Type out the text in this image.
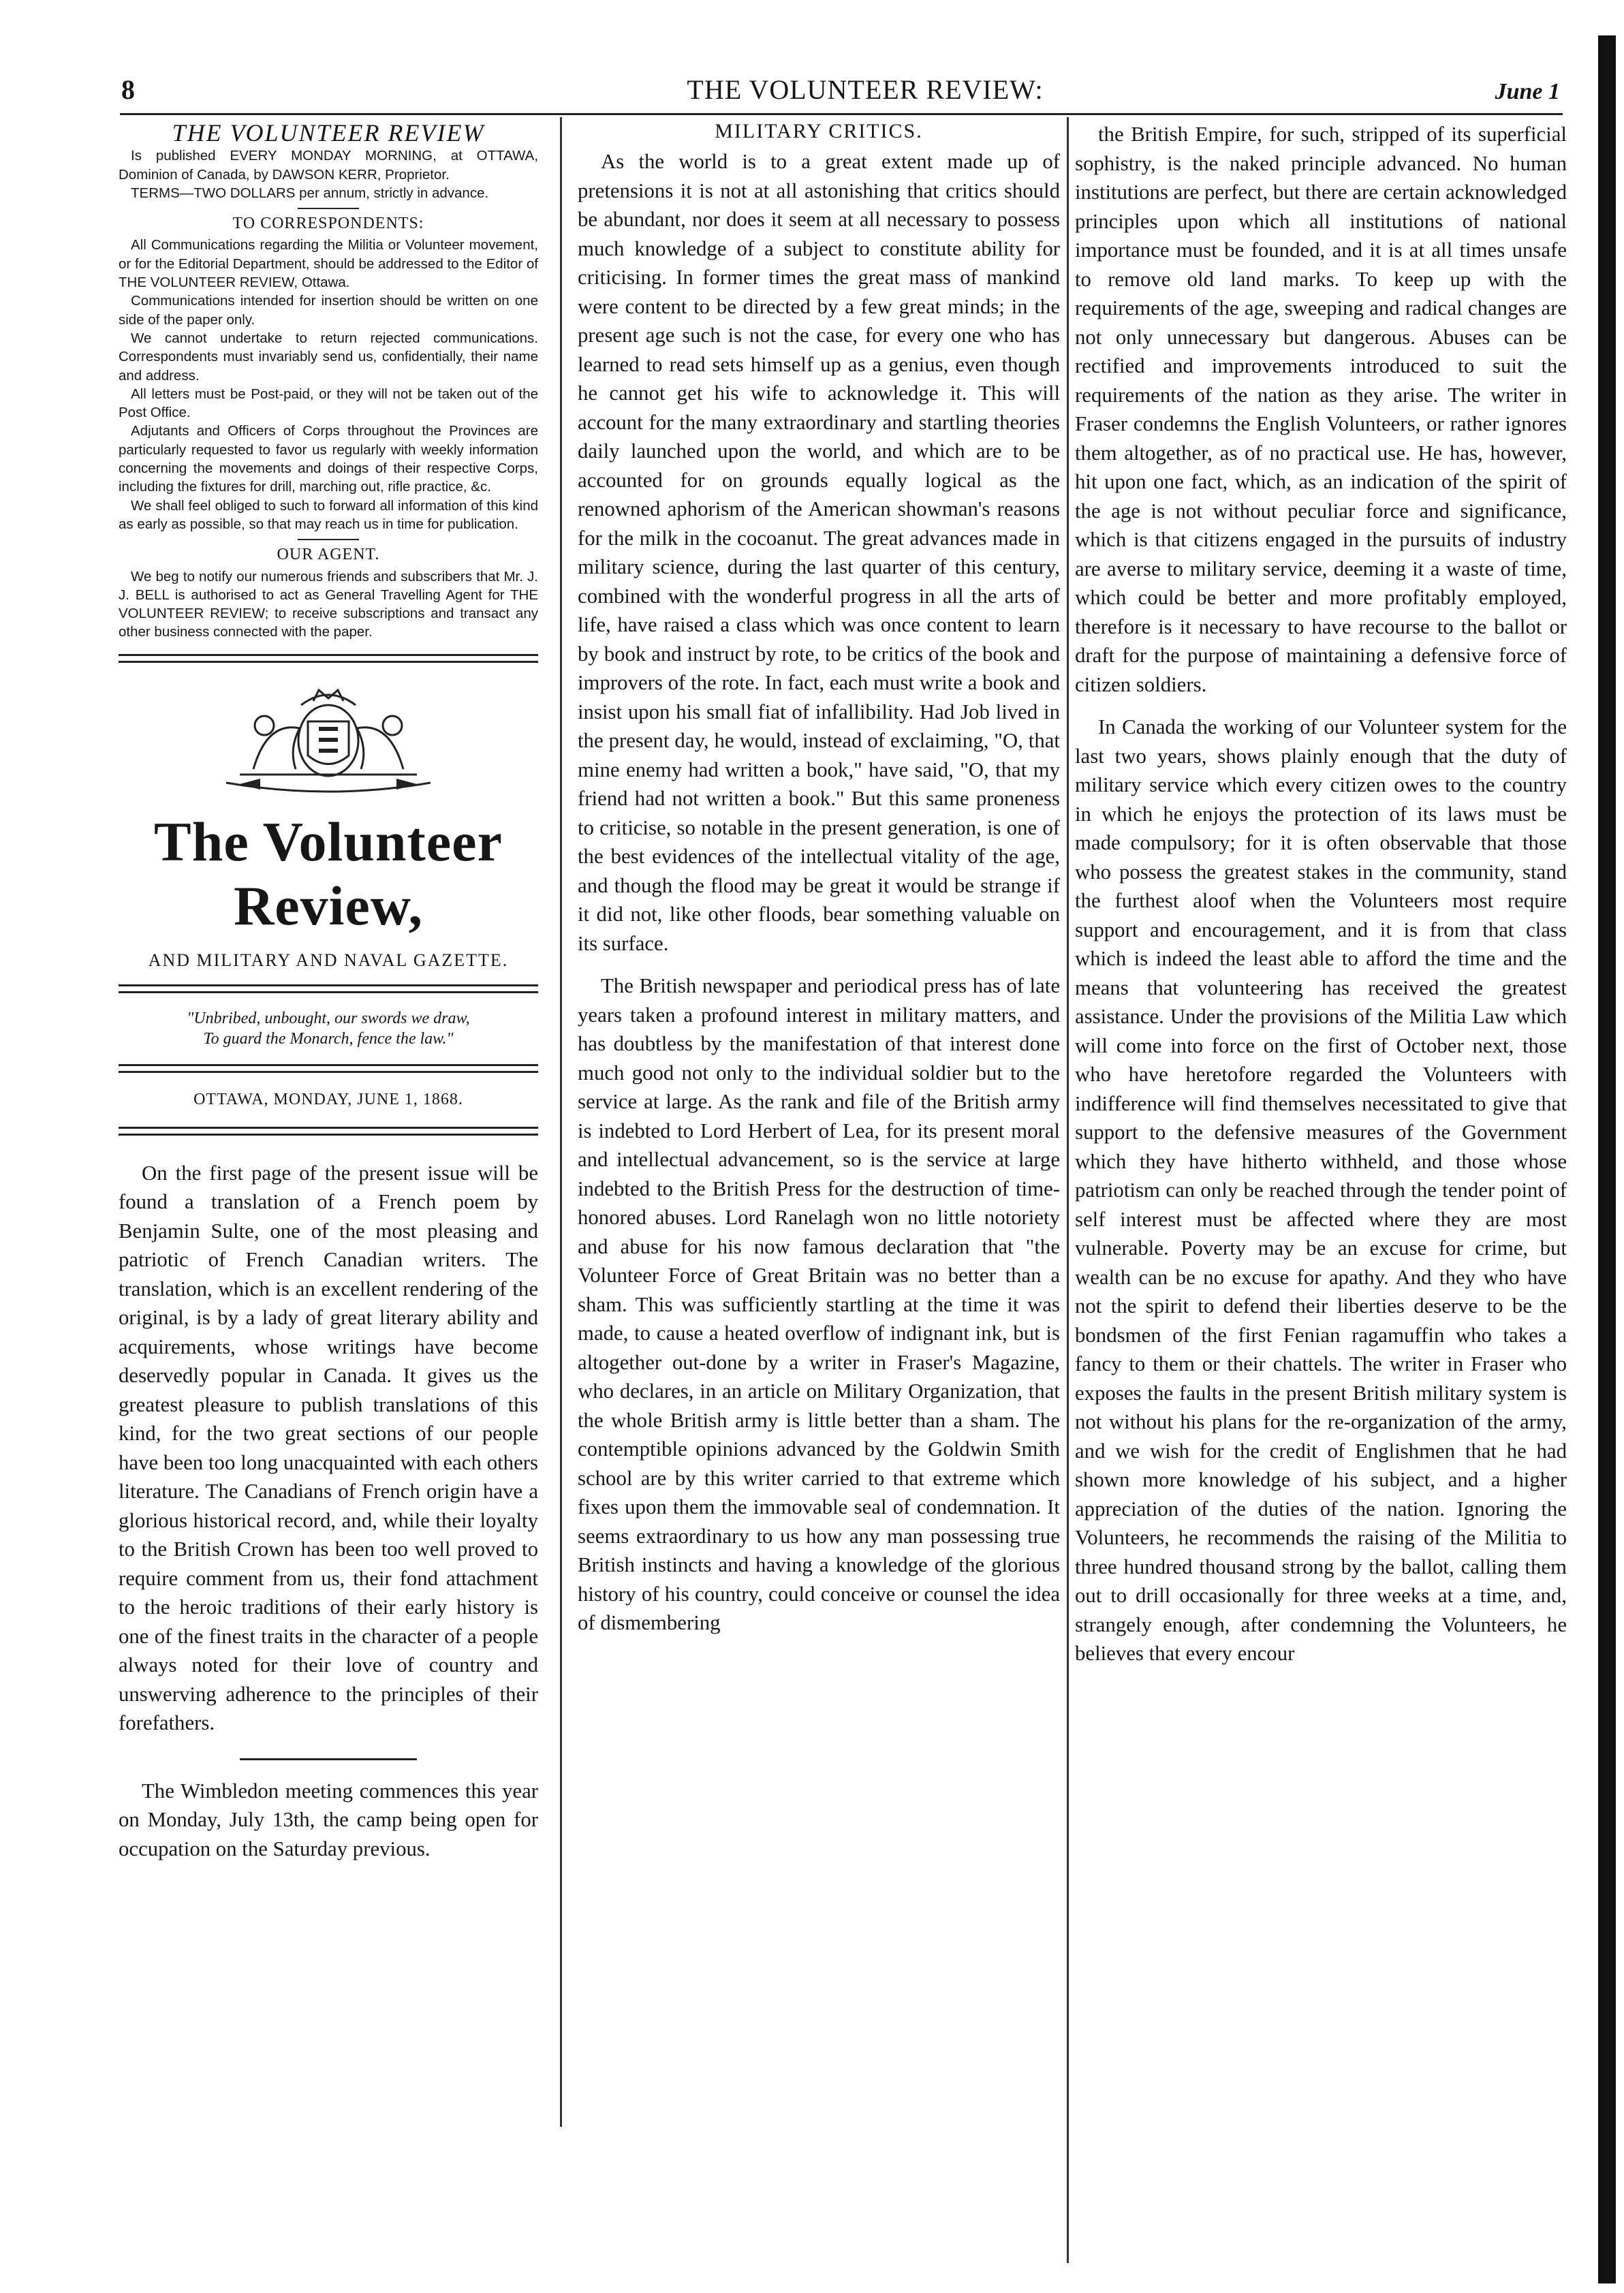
8	THE VOLUNTEER REVIEW:	June 1
THE VOLUNTEER REVIEW

Is published EVERY MONDAY MORNING, at OTTAWA, Dominion of Canada, by DAWSON KERR, Proprietor.

TERMS—TWO DOLLARS per annum, strictly in advance.

TO CORRESPONDENTS:

All Communications regarding the Militia or Volunteer movement, or for the Editorial Department, should be addressed to the Editor of THE VOLUNTEER REVIEW, Ottawa.

Communications intended for insertion should be written on one side of the paper only.

We cannot undertake to return rejected communications. Correspondents must invariably send us, confidentially, their name and address.

All letters must be Post-paid, or they will not be taken out of the Post Office.

Adjutants and Officers of Corps throughout the Provinces are particularly requested to favor us regularly with weekly information concerning the movements and doings of their respective Corps, including the fixtures for drill, marching out, rifle practice, &c.

We shall feel obliged to such to forward all information of this kind as early as possible, so that may reach us in time for publication.

OUR AGENT.

We beg to notify our numerous friends and subscribers that Mr. J. J. BELL is authorised to act as General Travelling Agent for THE VOLUNTEER REVIEW; to receive subscriptions and transact any other business connected with the paper.

The Volunteer Review,
AND MILITARY AND NAVAL GAZETTE.
"Unbribed, unbought, our swords we draw,
To guard the Monarch, fence the law."
OTTAWA, MONDAY, JUNE 1, 1868.

On the first page of the present issue will be found a translation of a French poem by Benjamin Sulte, one of the most pleasing and patriotic of French Canadian writers. The translation, which is an excellent rendering of the original, is by a lady of great literary ability and acquirements, whose writings have become deservedly popular in Canada. It gives us the greatest pleasure to publish translations of this kind, for the two great sections of our people have been too long unacquainted with each others literature. The Canadians of French origin have a glorious historical record, and, while their loyalty to the British Crown has been too well proved to require comment from us, their fond attachment to the heroic traditions of their early history is one of the finest traits in the character of a people always noted for their love of country and unswerving adherence to the principles of their forefathers.

The Wimbledon meeting commences this year on Monday, July 13th, the camp being open for occupation on the Saturday previous.

MILITARY CRITICS.

As the world is to a great extent made up of pretensions it is not at all astonishing that critics should be abundant, nor does it seem at all necessary to possess much knowledge of a subject to constitute ability for criticising. In former times the great mass of mankind were content to be directed by a few great minds; in the present age such is not the case, for every one who has learned to read sets himself up as a genius, even though he cannot get his wife to acknowledge it. This will account for the many extraordinary and startling theories daily launched upon the world, and which are to be accounted for on grounds equally logical as the renowned aphorism of the American showman's reasons for the milk in the cocoanut. The great advances made in military science, during the last quarter of this century, combined with the wonderful progress in all the arts of life, have raised a class which was once content to learn by book and instruct by rote, to be critics of the book and improvers of the rote. In fact, each must write a book and insist upon his small fiat of infallibility. Had Job lived in the present day, he would, instead of exclaiming, "O, that mine enemy had written a book," have said, "O, that my friend had not written a book." But this same proneness to criticise, so notable in the present generation, is one of the best evidences of the intellectual vitality of the age, and though the flood may be great it would be strange if it did not, like other floods, bear something valuable on its surface.

The British newspaper and periodical press has of late years taken a profound interest in military matters, and has doubtless by the manifestation of that interest done much good not only to the individual soldier but to the service at large. As the rank and file of the British army is indebted to Lord Herbert of Lea, for its present moral and intellectual advancement, so is the service at large indebted to the British Press for the destruction of time-honored abuses. Lord Ranelagh won no little notoriety and abuse for his now famous declaration that "the Volunteer Force of Great Britain was no better than a sham. This was sufficiently startling at the time it was made, to cause a heated overflow of indignant ink, but is altogether out-done by a writer in Fraser's Magazine, who declares, in an article on Military Organization, that the whole British army is little better than a sham. The contemptible opinions advanced by the Goldwin Smith school are by this writer carried to that extreme which fixes upon them the immovable seal of condemnation. It seems extraordinary to us how any man possessing true British instincts and having a knowledge of the glorious history of his country, could conceive or counsel the idea of dismembering

the British Empire, for such, stripped of its superficial sophistry, is the naked principle advanced. No human institutions are perfect, but there are certain acknowledged principles upon which all institutions of national importance must be founded, and it is at all times unsafe to remove old land marks. To keep up with the requirements of the age, sweeping and radical changes are not only unnecessary but dangerous. Abuses can be rectified and improvements introduced to suit the requirements of the nation as they arise. The writer in Fraser condemns the English Volunteers, or rather ignores them altogether, as of no practical use. He has, however, hit upon one fact, which, as an indication of the spirit of the age is not without peculiar force and significance, which is that citizens engaged in the pursuits of industry are averse to military service, deeming it a waste of time, which could be better and more profitably employed, therefore is it necessary to have recourse to the ballot or draft for the purpose of maintaining a defensive force of citizen soldiers.

In Canada the working of our Volunteer system for the last two years, shows plainly enough that the duty of military service which every citizen owes to the country in which he enjoys the protection of its laws must be made compulsory; for it is often observable that those who possess the greatest stakes in the community, stand the furthest aloof when the Volunteers most require support and encouragement, and it is from that class which is indeed the least able to afford the time and the means that volunteering has received the greatest assistance. Under the provisions of the Militia Law which will come into force on the first of October next, those who have heretofore regarded the Volunteers with indifference will find themselves necessitated to give that support to the defensive measures of the Government which they have hitherto withheld, and those whose patriotism can only be reached through the tender point of self interest must be affected where they are most vulnerable. Poverty may be an excuse for crime, but wealth can be no excuse for apathy. And they who have not the spirit to defend their liberties deserve to be the bondsmen of the first Fenian ragamuffin who takes a fancy to them or their chattels. The writer in Fraser who exposes the faults in the present British military system is not without his plans for the re-organization of the army, and we wish for the credit of Englishmen that he had shown more knowledge of his subject, and a higher appreciation of the duties of the nation. Ignoring the Volunteers, he recommends the raising of the Militia to three hundred thousand strong by the ballot, calling them out to drill occasionally for three weeks at a time, and, strangely enough, after condemning the Volunteers, he believes that every encour
